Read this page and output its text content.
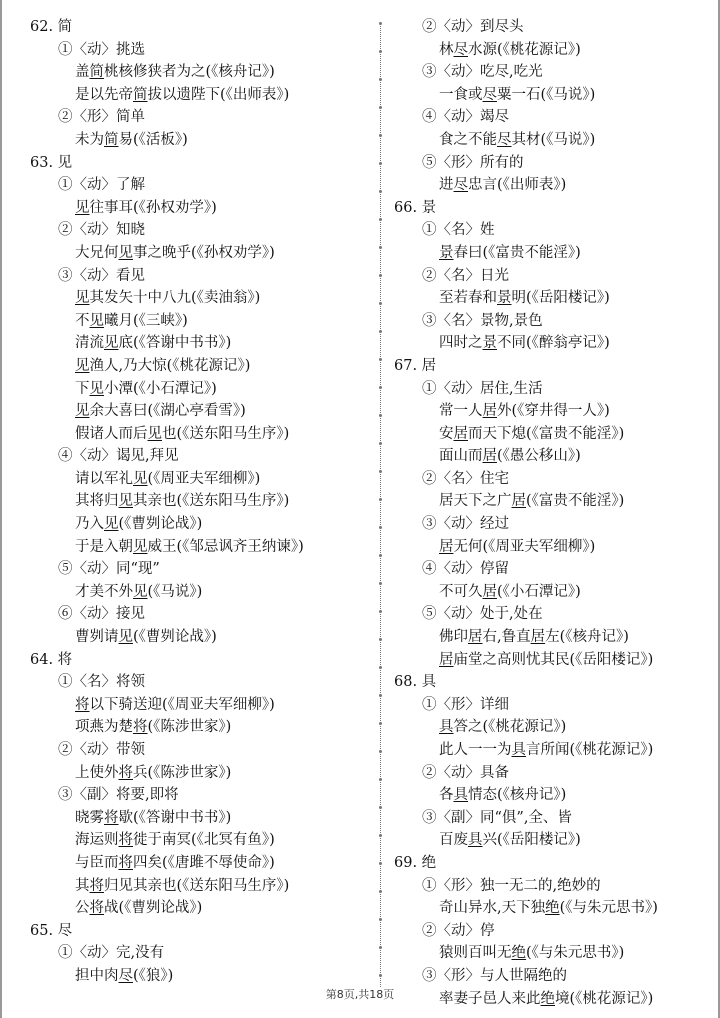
62. 简
①〈动〉挑选
盖简桃核修狭者为之(《核舟记》)
是以先帝简拔以遗陛下(《出师表》)
②〈形〉简单
未为简易(《活板》)
63. 见
①〈动〉了解
见往事耳(《孙权劝学》)
②〈动〉知晓
大兄何见事之晚乎(《孙权劝学》)
③〈动〉看见
见其发矢十中八九(《卖油翁》)
不见曦月(《三峡》)
清流见底(《答谢中书书》)
见渔人,乃大惊(《桃花源记》)
下见小潭(《小石潭记》)
见余大喜曰(《湖心亭看雪》)
假诸人而后见也(《送东阳马生序》)
④〈动〉谒见,拜见
请以军礼见(《周亚夫军细柳》)
其将归见其亲也(《送东阳马生序》)
乃入见(《曹刿论战》)
于是入朝见威王(《邹忌讽齐王纳谏》)
⑤〈动〉同“现”
才美不外见(《马说》)
⑥〈动〉接见
曹刿请见(《曹刿论战》)
64. 将
①〈名〉将领
将以下骑送迎(《周亚夫军细柳》)
项燕为楚将(《陈涉世家》)
②〈动〉带领
上使外将兵(《陈涉世家》)
③〈副〉将要,即将
晓雾将歇(《答谢中书书》)
海运则将徙于南冥(《北冥有鱼》)
与臣而将四矣(《唐雎不辱使命》)
其将归见其亲也(《送东阳马生序》)
公将战(《曹刿论战》)
65. 尽
①〈动〉完,没有
担中肉尽(《狼》)
②〈动〉到尽头
林尽水源(《桃花源记》)
③〈动〉吃尽,吃光
一食或尽粟一石(《马说》)
④〈动〉竭尽
食之不能尽其材(《马说》)
⑤〈形〉所有的
进尽忠言(《出师表》)
66. 景
①〈名〉姓
景春曰(《富贵不能淫》)
②〈名〉日光
至若春和景明(《岳阳楼记》)
③〈名〉景物,景色
四时之景不同(《醉翁亭记》)
67. 居
①〈动〉居住,生活
常一人居外(《穿井得一人》)
安居而天下熄(《富贵不能淫》)
面山而居(《愚公移山》)
②〈名〉住宅
居天下之广居(《富贵不能淫》)
③〈动〉经过
居无何(《周亚夫军细柳》)
④〈动〉停留
不可久居(《小石潭记》)
⑤〈动〉处于,处在
佛印居右,鲁直居左(《核舟记》)
居庙堂之高则忧其民(《岳阳楼记》)
68. 具
①〈形〉详细
具答之(《桃花源记》)
此人一一为具言所闻(《桃花源记》)
②〈动〉具备
各具情态(《核舟记》)
③〈副〉同“俱”,全、皆
百废具兴(《岳阳楼记》)
69. 绝
①〈形〉独一无二的,绝妙的
奇山异水,天下独绝(《与朱元思书》)
②〈动〉停
猿则百叫无绝(《与朱元思书》)
③〈形〉与人世隔绝的
率妻子邑人来此绝境(《桃花源记》)
第8页,共18页
